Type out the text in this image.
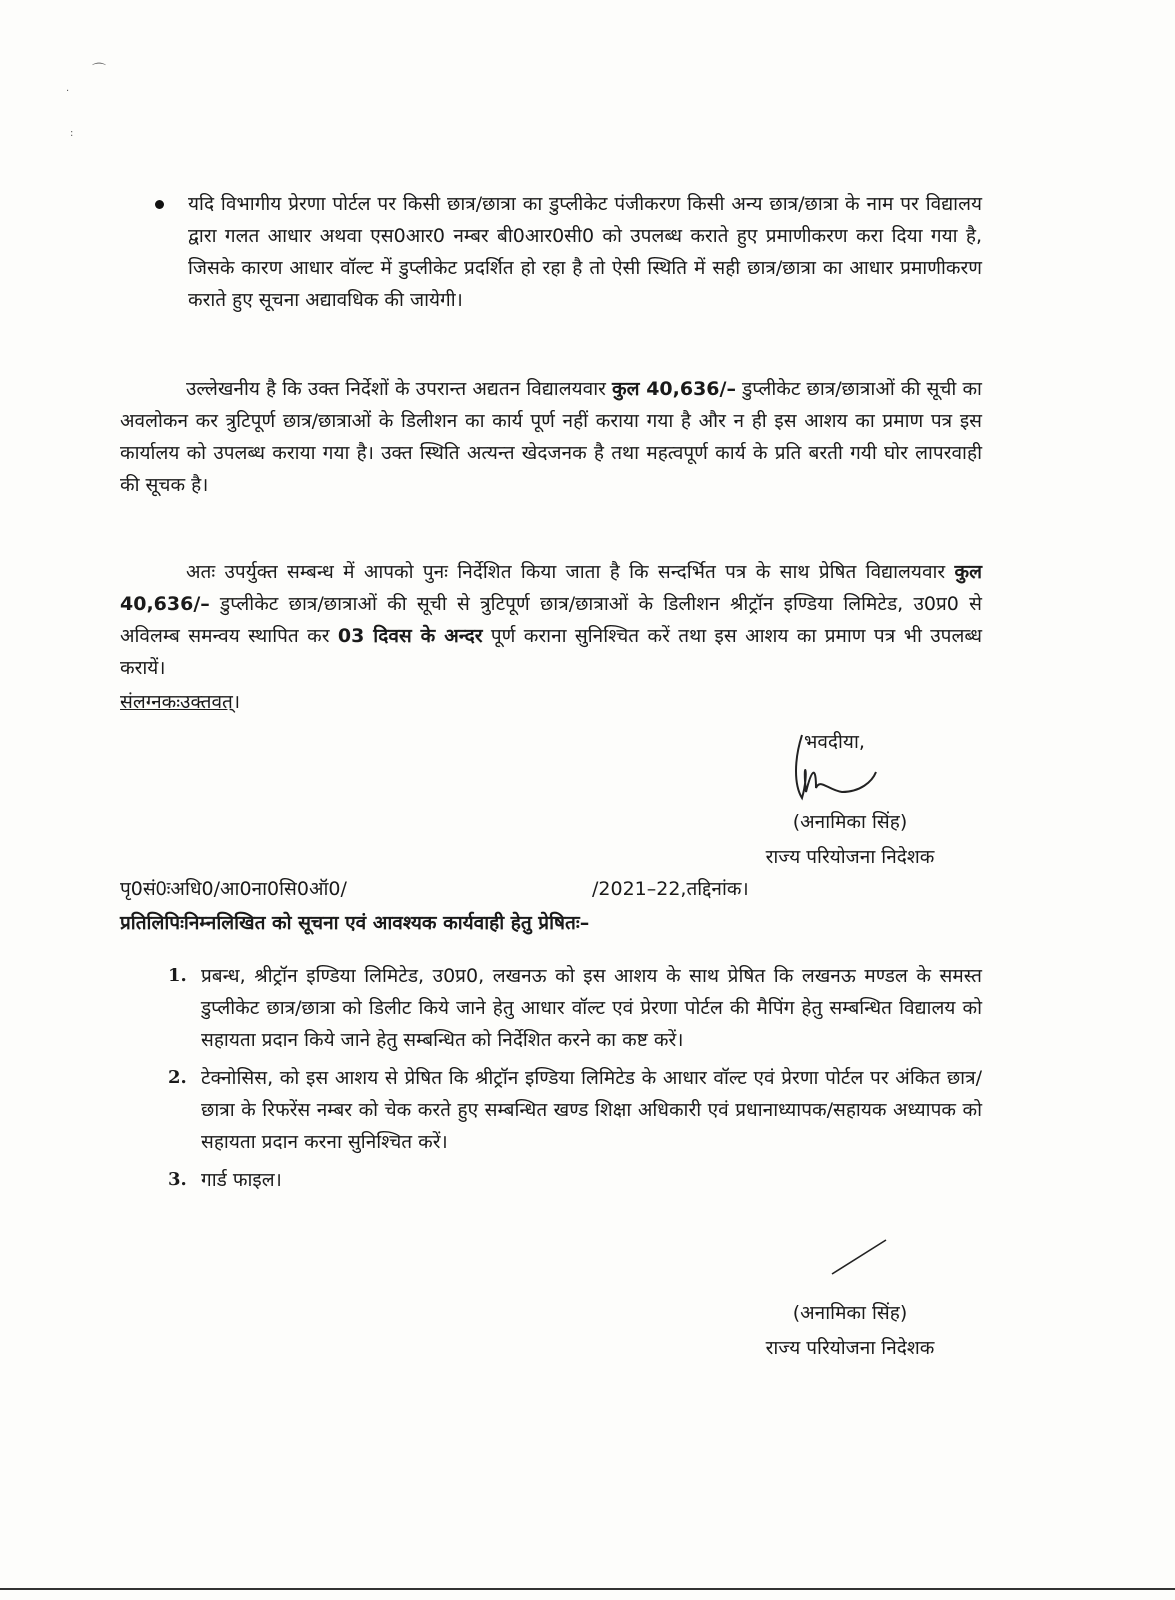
⌒
·
:
यदि विभागीय प्रेरणा पोर्टल पर किसी छात्र/छात्रा का डुप्लीकेट पंजीकरण किसी अन्य छात्र/छात्रा के नाम पर विद्यालय द्वारा गलत आधार अथवा एस0आर0 नम्बर बी0आर0सी0 को उपलब्ध कराते हुए प्रमाणीकरण करा दिया गया है, जिसके कारण आधार वॉल्ट में डुप्लीकेट प्रदर्शित हो रहा है तो ऐसी स्थिति में सही छात्र/छात्रा का आधार प्रमाणीकरण कराते हुए सूचना अद्यावधिक की जायेगी।
उल्लेखनीय है कि उक्त निर्देशों के उपरान्त अद्यतन विद्यालयवार कुल 40,636/– डुप्लीकेट छात्र/छात्राओं की सूची का अवलोकन कर त्रुटिपूर्ण छात्र/छात्राओं के डिलीशन का कार्य पूर्ण नहीं कराया गया है और न ही इस आशय का प्रमाण पत्र इस कार्यालय को उपलब्ध कराया गया है। उक्त स्थिति अत्यन्त खेदजनक है तथा महत्वपूर्ण कार्य के प्रति बरती गयी घोर लापरवाही की सूचक है।
अतः उपर्युक्त सम्बन्ध में आपको पुनः निर्देशित किया जाता है कि सन्दर्भित पत्र के साथ प्रेषित विद्यालयवार कुल 40,636/– डुप्लीकेट छात्र/छात्राओं की सूची से त्रुटिपूर्ण छात्र/छात्राओं के डिलीशन श्रीट्रॉन इण्डिया लिमिटेड, उ0प्र0 से अविलम्ब समन्वय स्थापित कर 03 दिवस के अन्दर पूर्ण कराना सुनिश्चित करें तथा इस आशय का प्रमाण पत्र भी उपलब्ध करायें।
संलग्नकःउक्तवत्।
भवदीया,
(अनामिका सिंह)
राज्य परियोजना निदेशक
पृ0सं0ःअधि0/आ0ना0सि0ऑ0/	/2021–22,तद्दिनांक।
प्रतिलिपिःनिम्नलिखित को सूचना एवं आवश्यक कार्यवाही हेतु प्रेषितः–
1. प्रबन्ध, श्रीट्रॉन इण्डिया लिमिटेड, उ0प्र0, लखनऊ को इस आशय के साथ प्रेषित कि लखनऊ मण्डल के समस्त डुप्लीकेट छात्र/छात्रा को डिलीट किये जाने हेतु आधार वॉल्ट एवं प्रेरणा पोर्टल की मैपिंग हेतु सम्बन्धित विद्यालय को सहायता प्रदान किये जाने हेतु सम्बन्धित को निर्देशित करने का कष्ट करें।
2. टेक्नोसिस, को इस आशय से प्रेषित कि श्रीट्रॉन इण्डिया लिमिटेड के आधार वॉल्ट एवं प्रेरणा पोर्टल पर अंकित छात्र/छात्रा के रिफरेंस नम्बर को चेक करते हुए सम्बन्धित खण्ड शिक्षा अधिकारी एवं प्रधानाध्यापक/सहायक अध्यापक को सहायता प्रदान करना सुनिश्चित करें।
3. गार्ड फाइल।
(अनामिका सिंह)
राज्य परियोजना निदेशक
